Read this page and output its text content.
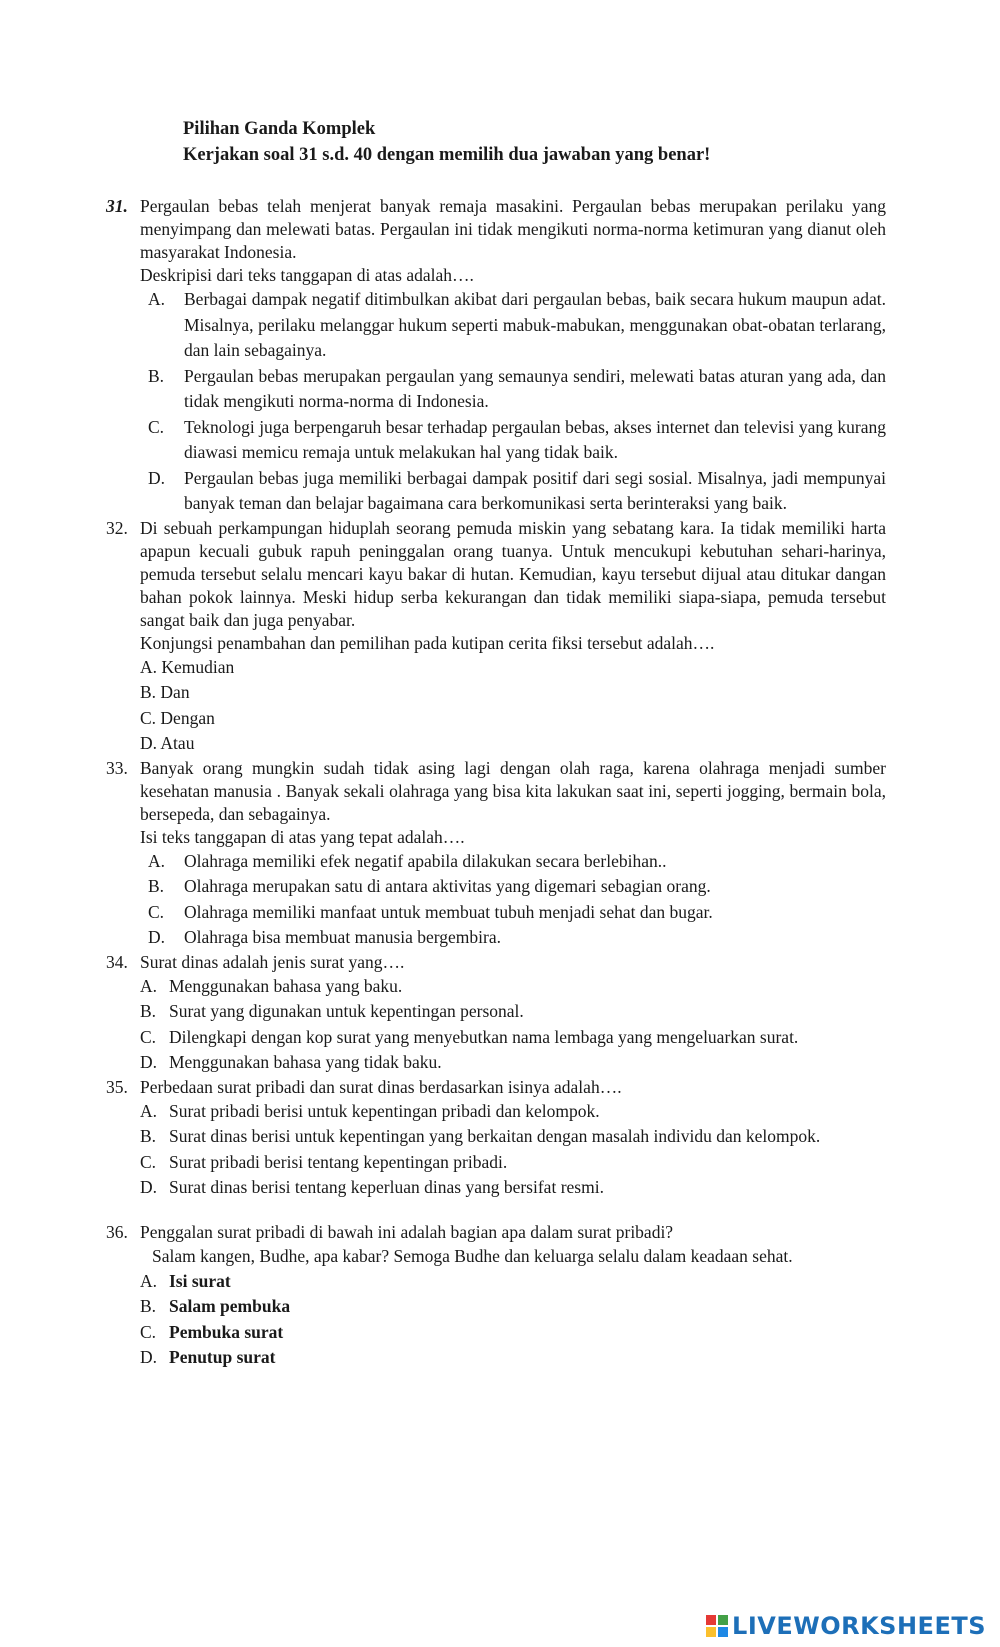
Pilihan Ganda Komplek
Kerjakan soal 31 s.d. 40 dengan memilih dua jawaban yang benar!
31. Pergaulan bebas telah menjerat banyak remaja masakini. Pergaulan bebas merupakan perilaku yang menyimpang dan melewati batas. Pergaulan ini tidak mengikuti norma-norma ketimuran yang dianut oleh masyarakat Indonesia.

Deskripisi dari teks tanggapan di atas adalah….

A. Berbagai dampak negatif ditimbulkan akibat dari pergaulan bebas, baik secara hukum maupun adat. Misalnya, perilaku melanggar hukum seperti mabuk-mabukan, menggunakan obat-obatan terlarang, dan lain sebagainya.
B. Pergaulan bebas merupakan pergaulan yang semaunya sendiri, melewati batas aturan yang ada, dan tidak mengikuti norma-norma di Indonesia.
C. Teknologi juga berpengaruh besar terhadap pergaulan bebas, akses internet dan televisi yang kurang diawasi memicu remaja untuk melakukan hal yang tidak baik.
D. Pergaulan bebas juga memiliki berbagai dampak positif dari segi sosial. Misalnya, jadi mempunyai banyak teman dan belajar bagaimana cara berkomunikasi serta berinteraksi yang baik.
32. Di sebuah perkampungan hiduplah seorang pemuda miskin yang sebatang kara. Ia tidak memiliki harta apapun kecuali gubuk rapuh peninggalan orang tuanya. Untuk mencukupi kebutuhan sehari-harinya, pemuda tersebut selalu mencari kayu bakar di hutan. Kemudian, kayu tersebut dijual atau ditukar dangan bahan pokok lainnya. Meski hidup serba kekurangan dan tidak memiliki siapa-siapa, pemuda tersebut sangat baik dan juga penyabar.

Konjungsi penambahan dan pemilihan pada kutipan cerita fiksi tersebut adalah….

A. Kemudian
B. Dan
C. Dengan
D. Atau
33. Banyak orang mungkin sudah tidak asing lagi dengan olah raga, karena olahraga menjadi sumber kesehatan manusia . Banyak sekali olahraga yang bisa kita lakukan saat ini, seperti jogging, bermain bola, bersepeda, dan sebagainya.

Isi teks tanggapan di atas yang tepat adalah….

A. Olahraga memiliki efek negatif apabila dilakukan secara berlebihan..
B. Olahraga merupakan satu di antara aktivitas yang digemari sebagian orang.
C. Olahraga memiliki manfaat untuk membuat tubuh menjadi sehat dan bugar.
D. Olahraga bisa membuat manusia bergembira.
34. Surat dinas adalah jenis surat yang….

A. Menggunakan bahasa yang baku.
B. Surat yang digunakan untuk kepentingan personal.
C. Dilengkapi dengan kop surat yang menyebutkan nama lembaga yang mengeluarkan surat.
D. Menggunakan bahasa yang tidak baku.
35. Perbedaan surat pribadi dan surat dinas berdasarkan isinya adalah….

A. Surat pribadi berisi untuk kepentingan pribadi dan kelompok.
B. Surat dinas berisi untuk kepentingan yang berkaitan dengan masalah individu dan kelompok.
C. Surat pribadi berisi tentang kepentingan pribadi.
D. Surat dinas berisi tentang keperluan dinas yang bersifat resmi.
36. Penggalan surat pribadi di bawah ini adalah bagian apa dalam surat pribadi?

Salam kangen, Budhe, apa kabar? Semoga Budhe dan keluarga selalu dalam keadaan sehat.
A. Isi surat
B. Salam pembuka
C. Pembuka surat
D. Penutup surat
LIVEWORKSHEETS
